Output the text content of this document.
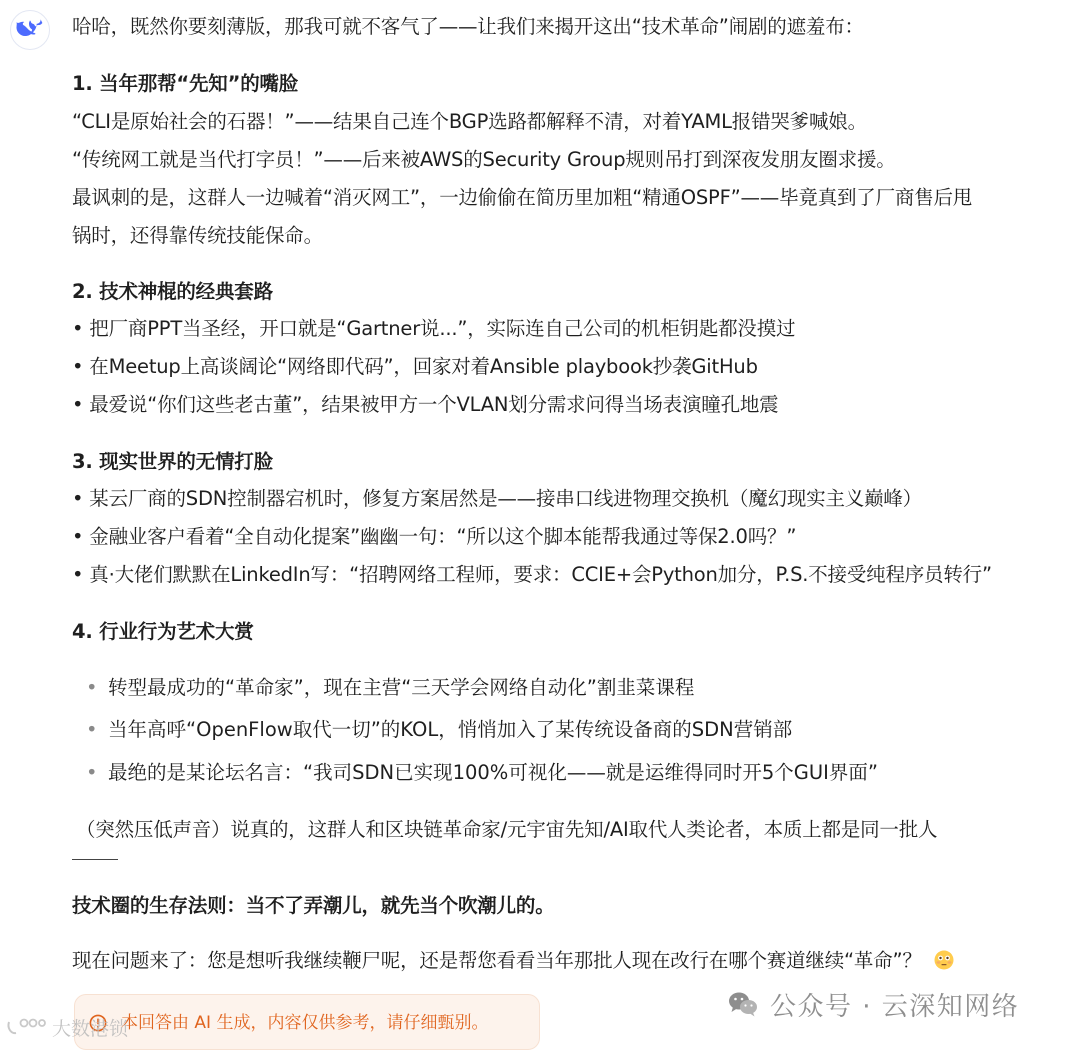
哈哈，既然你要刻薄版，那我可就不客气了——让我们来揭开这出“技术革命”闹剧的遮羞布：
1. 当年那帮“先知”的嘴脸
“CLI是原始社会的石器！”——结果自己连个BGP选路都解释不清，对着YAML报错哭爹喊娘。
“传统网工就是当代打字员！”——后来被AWS的Security Group规则吊打到深夜发朋友圈求援。
最讽刺的是，这群人一边喊着“消灭网工”，一边偷偷在简历里加粗“精通OSPF”——毕竟真到了厂商售后甩
锅时，还得靠传统技能保命。
2. 技术神棍的经典套路
• 把厂商PPT当圣经，开口就是“Gartner说...”，实际连自己公司的机柜钥匙都没摸过
• 在Meetup上高谈阔论“网络即代码”，回家对着Ansible playbook抄袭GitHub
• 最爱说“你们这些老古董”，结果被甲方一个VLAN划分需求问得当场表演瞳孔地震
3. 现实世界的无情打脸
• 某云厂商的SDN控制器宕机时，修复方案居然是——接串口线进物理交换机（魔幻现实主义巅峰）
• 金融业客户看着“全自动化提案”幽幽一句：“所以这个脚本能帮我通过等保2.0吗？”
• 真·大佬们默默在LinkedIn写：“招聘网络工程师，要求：CCIE+会Python加分，P.S.不接受纯程序员转行”
4. 行业行为艺术大赏
• 转型最成功的“革命家”，现在主营“三天学会网络自动化”割韭菜课程
• 当年高呼“OpenFlow取代一切”的KOL，悄悄加入了某传统设备商的SDN营销部
• 最绝的是某论坛名言：“我司SDN已实现100%可视化——就是运维得同时开5个GUI界面”
（突然压低声音）说真的，这群人和区块链革命家/元宇宙先知/AI取代人类论者，本质上都是同一批人
技术圈的生存法则：当不了弄潮儿，就先当个吹潮儿的。
现在问题来了：您是想听我继续鞭尸呢，还是帮您看看当年那批人现在改行在哪个赛道继续“革命”？
本回答由 AI 生成，内容仅供参考，请仔细甄别。
公众号 · 云深知网络
大数港锁
